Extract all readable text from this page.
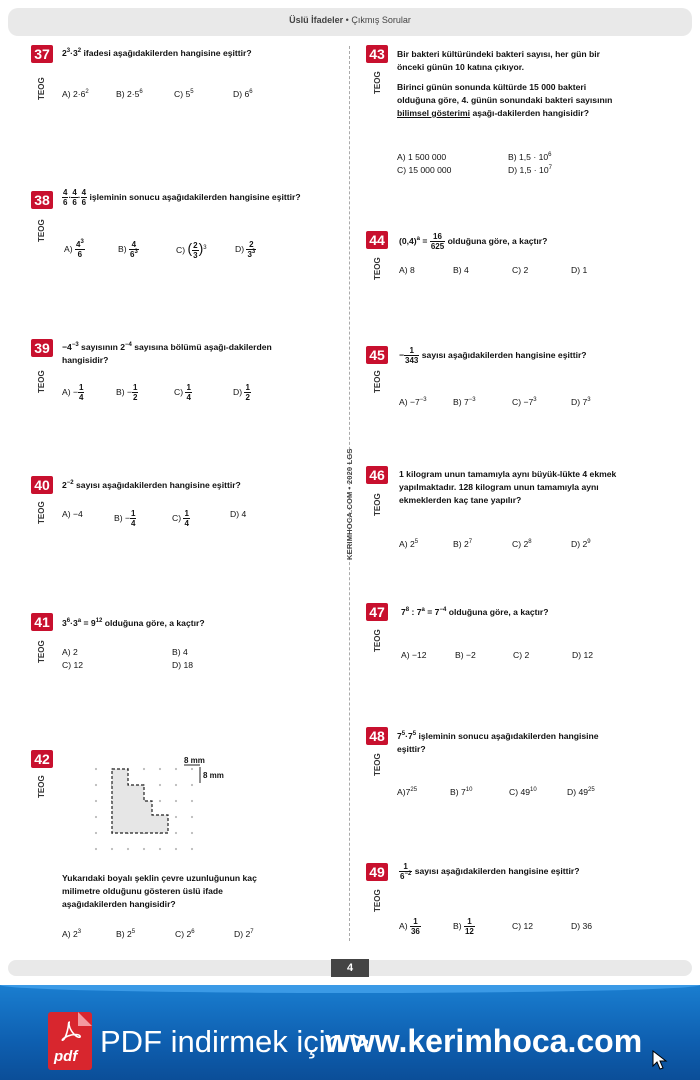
Üslü İfadeler • Çıkmış Sorular
KERIMHOCA.COM • 2020 LGS
37
TEOG
$2^3\cdot 3^2$ ifadesi aşağıdakilerden hangisine eşittir?
A) $2\cdot 6^2$	B) $2\cdot 5^6$	C) $5^5$	D) $6^6$
38
TEOG
$\frac{4}{6} \cdot \frac{4}{6} \cdot \frac{4}{6}$ işleminin sonucu aşağıdakilerden hangisine eşittir?
$A) \frac{4^3}{6}$	$B) \frac{4}{6^3}$	C) ( $\frac{2}{3} )^3$	$D) \frac{2}{3^3}$
39
TEOG
$-4^{-3}$ sayısının $2^{-4}$ sayısına bölümü aşağı-dakilerden hangisidir?
$A) - \frac{1}{4}$	$B) - \frac{1}{2}$	$C) \frac{1}{4}$	$D) \frac{1}{2}$
40
TEOG
$2^{-2}$ sayısı aşağıdakilerden hangisine eşittir?
A) −4	$B) - \frac{1}{4}$	$C) \frac{1}{4}$	D) 4
41
TEOG
$3^6\cdot 3^a = 9^{12}$ olduğuna göre, a kaçtır?
A) 2	B) 4
C) 12	D) 18
42
TEOG
8 mm
8 mm
Yukarıdaki boyalı şeklin çevre uzunluğunun kaç milimetre olduğunu gösteren üslü ifade aşağıdakilerden hangisidir?
A) $2^3$	B) $2^5$	C) $2^6$	D) $2^7$
43
TEOG
Bir bakteri kültüründeki bakteri sayısı, her gün bir önceki günün 10 katına çıkıyor.
Birinci günün sonunda kültürde 15 000 bakteri olduğuna göre, 4. günün sonundaki bakteri sayısının bilimsel gösterimi aşağı-dakilerden hangisidir?
A) 1 500 000	B) $1,5 \cdot 10^6$
C) 15 000 000	D) $1,5 \cdot 10^7$
44
TEOG
$(0,4)^a = \frac{16}{625}$ olduğuna göre, a kaçtır?
A) 8	B) 4	C) 2	D) 1
45
TEOG
− $\frac{1}{343}$ sayısı aşağıdakilerden hangisine eşittir?
$A) -7^{-3}$	B) $7^{-3}$	$C) -7^3$	D) $7^3$
46
TEOG
1 kilogram unun tamamıyla aynı büyük-lükte 4 ekmek yapılmaktadır. 128 kilogram unun tamamıyla aynı ekmeklerden kaç tane yapılır?
A) $2^5$	B) $2^7$	C) $2^8$	D) $2^9$
47
TEOG
$7^8$ : $7^a = 7^{-4}$ olduğuna göre, a kaçtır?
A) −12	B) −2	C) 2	D) 12
48
TEOG
$7^5\cdot 7^5$ işleminin sonucu aşağıdakilerden hangisine eşittir?
$A)7^{25}$	B) $7^{10}$	C) $49^{10}$	D) $49^{25}$
49
TEOG
$\frac{1}{6^{-2}}$ sayısı aşağıdakilerden hangisine eşittir?
$A) \frac{1}{36}$	$B) \frac{1}{12}$	C) 12	D) 36
4
pdf PDF indirmek için >
www.kerimhoca.com
